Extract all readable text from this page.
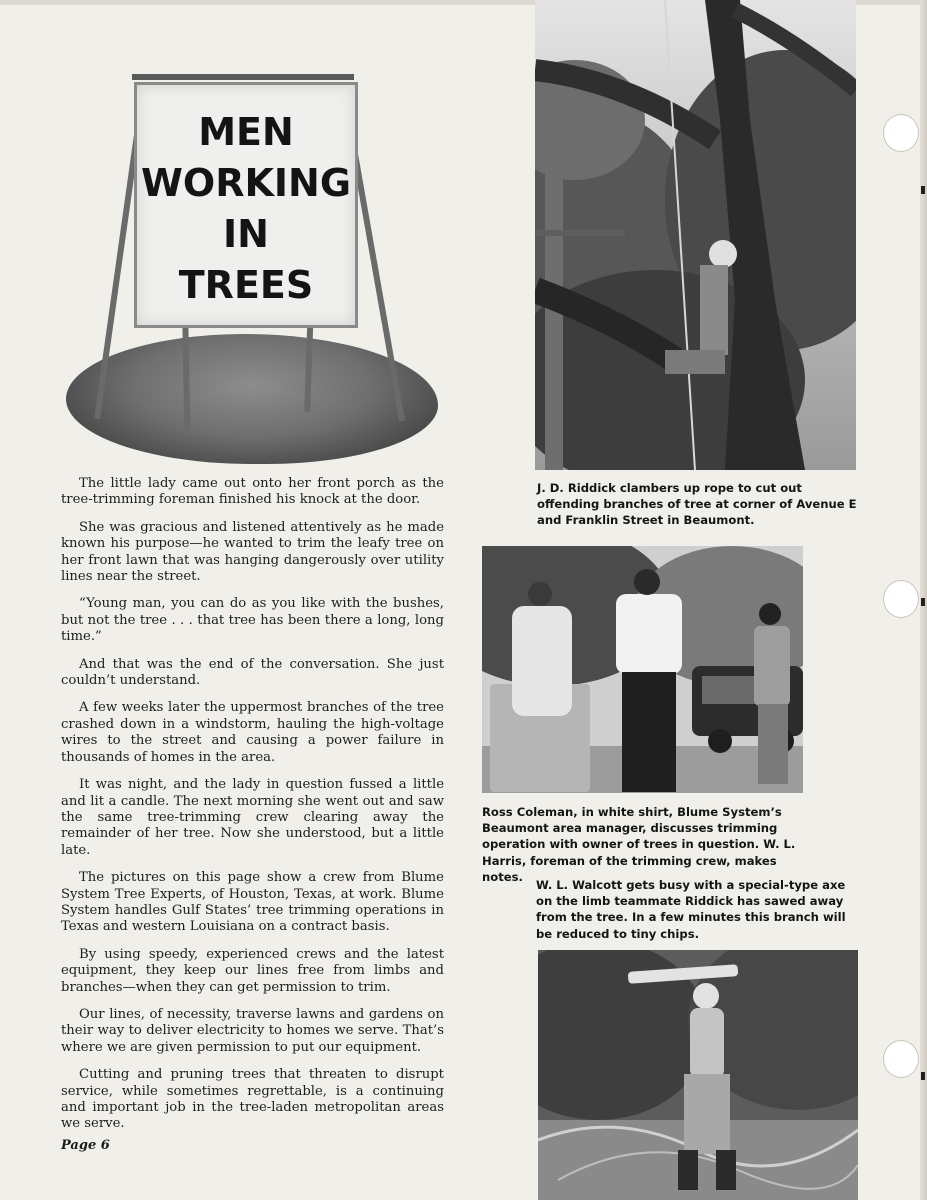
MEN
WORKING
IN
TREES

The little lady came out onto her front porch as the tree-trimming foreman finished his knock at the door.

She was gracious and listened attentively as he made known his purpose—he wanted to trim the leafy tree on her front lawn that was hanging dangerously over utility lines near the street.

“Young man, you can do as you like with the bushes, but not the tree . . . that tree has been there a long, long time.”

And that was the end of the conversation. She just couldn’t understand.

A few weeks later the uppermost branches of the tree crashed down in a windstorm, hauling the high-voltage wires to the street and causing a power failure in thousands of homes in the area.

It was night, and the lady in question fussed a little and lit a candle. The next morning she went out and saw the same tree-trimming crew clearing away the remainder of her tree. Now she understood, but a little late.

The pictures on this page show a crew from Blume System Tree Experts, of Houston, Texas, at work. Blume System handles Gulf States’ tree trimming operations in Texas and western Louisiana on a contract basis.

By using speedy, experienced crews and the latest equipment, they keep our lines free from limbs and branches—when they can get permission to trim.

Our lines, of necessity, traverse lawns and gardens on their way to deliver electricity to homes we serve. That’s where we are given permission to put our equipment.

Cutting and pruning trees that threaten to disrupt service, while sometimes regrettable, is a continuing and important job in the tree-laden metropolitan areas we serve.

Page 6
J. D. Riddick clambers up rope to cut out offending branches of tree at corner of Avenue E and Franklin Street in Beaumont.
Ross Coleman, in white shirt, Blume System’s Beaumont area manager, discusses trimming operation with owner of trees in question. W. L. Harris, foreman of the trimming crew, makes notes.
W. L. Walcott gets busy with a special-type axe on the limb teammate Riddick has sawed away from the tree. In a few minutes this branch will be reduced to tiny chips.
